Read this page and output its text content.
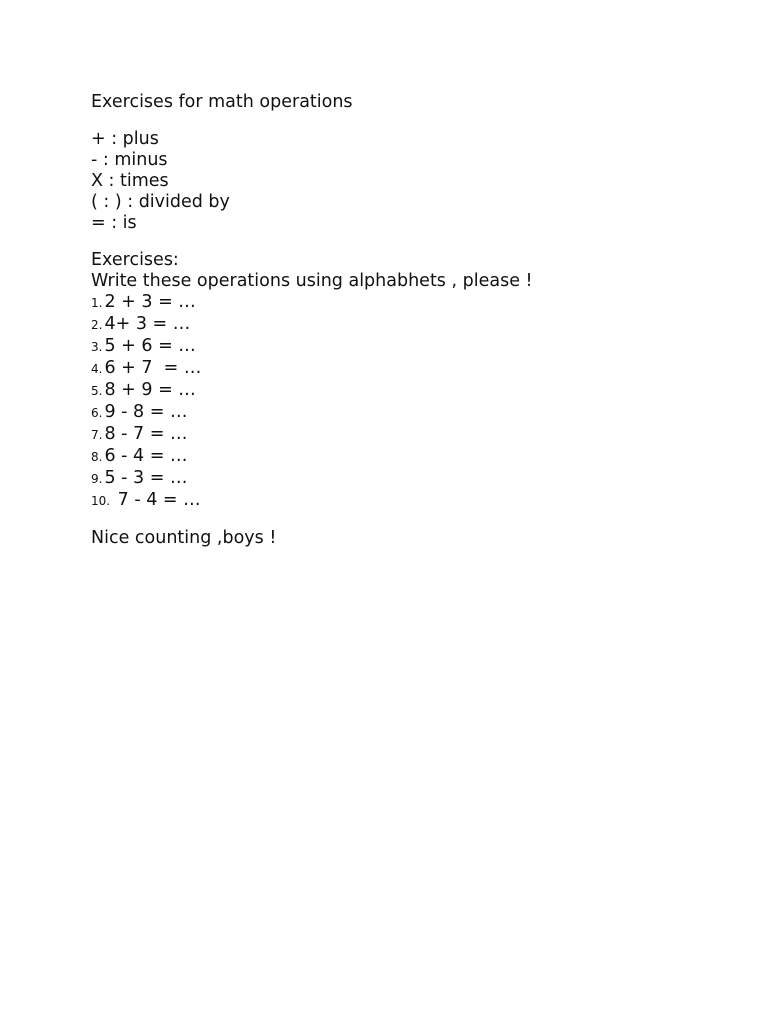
Exercises for math operations

+ : plus

- : minus

X : times

( : ) : divided by

= : is

Exercises:

Write these operations using alphabhets , please !

1. 2 + 3 = …
2. 4+ 3 = …
3. 5 + 6 = …
4. 6 + 7  = …
5. 8 + 9 = …
6. 9 - 8 = …
7. 8 - 7 = …
8. 6 - 4 = …
9. 5 - 3 = …
10. 7 - 4 = …

Nice counting ,boys !
